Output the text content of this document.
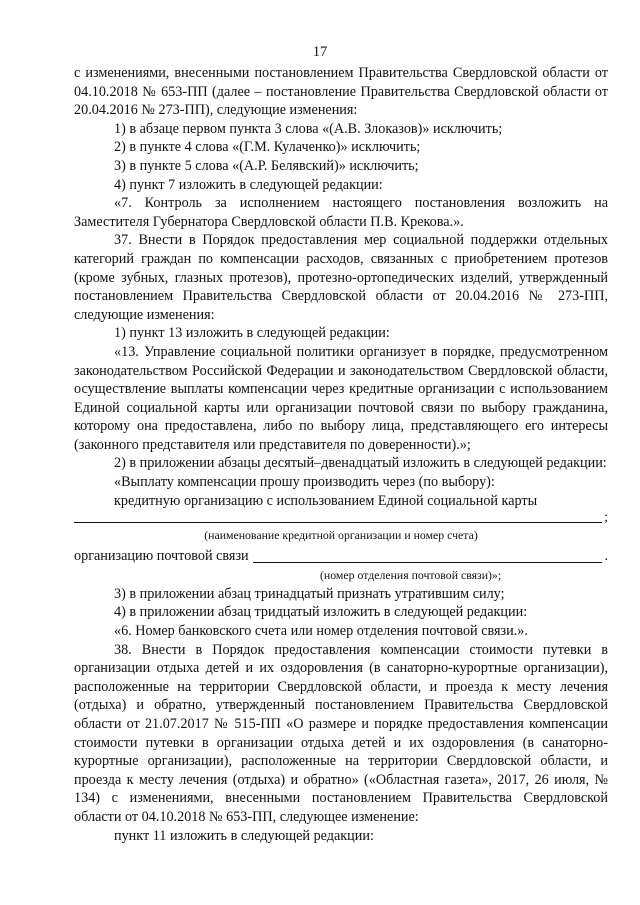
17

с изменениями, внесенными постановлением Правительства Свердловской области от 04.10.2018 № 653-ПП (далее – постановление Правительства Свердловской области от 20.04.2016 № 273-ПП), следующие изменения:

1) в абзаце первом пункта 3 слова «(А.В. Злоказов)» исключить;

2) в пункте 4 слова «(Г.М. Кулаченко)» исключить;

3) в пункте 5 слова «(А.Р. Белявский)» исключить;

4) пункт 7 изложить в следующей редакции:

«7. Контроль за исполнением настоящего постановления возложить на Заместителя Губернатора Свердловской области П.В. Крекова.».

37. Внести в Порядок предоставления мер социальной поддержки отдельных категорий граждан по компенсации расходов, связанных с приобретением протезов (кроме зубных, глазных протезов), протезно-ортопедических изделий, утвержденный постановлением Правительства Свердловской области от 20.04.2016 № 273-ПП, следующие изменения:

1) пункт 13 изложить в следующей редакции:

«13. Управление социальной политики организует в порядке, предусмотренном законодательством Российской Федерации и законодательством Свердловской области, осуществление выплаты компенсации через кредитные организации с использованием Единой социальной карты или организации почтовой связи по выбору гражданина, которому она предоставлена, либо по выбору лица, представляющего его интересы (законного представителя или представителя по доверенности).»;

2) в приложении абзацы десятый–двенадцатый изложить в следующей редакции:

«Выплату компенсации прошу производить через (по выбору):

кредитную организацию с использованием Единой социальной карты

;

(наименование кредитной организации и номер счета)

организацию почтовой связи	.

(номер отделения почтовой связи)»;

3) в приложении абзац тринадцатый признать утратившим силу;

4) в приложении абзац тридцатый изложить в следующей редакции:

«6. Номер банковского счета или номер отделения почтовой связи.».

38. Внести в Порядок предоставления компенсации стоимости путевки в организации отдыха детей и их оздоровления (в санаторно-курортные организации), расположенные на территории Свердловской области, и проезда к месту лечения (отдыха) и обратно, утвержденный постановлением Правительства Свердловской области от 21.07.2017 № 515-ПП «О размере и порядке предоставления компенсации стоимости путевки в организации отдыха детей и их оздоровления (в санаторно-курортные организации), расположенные на территории Свердловской области, и проезда к месту лечения (отдыха) и обратно» («Областная газета», 2017, 26 июля, № 134) с изменениями, внесенными постановлением Правительства Свердловской области от 04.10.2018 № 653-ПП, следующее изменение:

пункт 11 изложить в следующей редакции:
